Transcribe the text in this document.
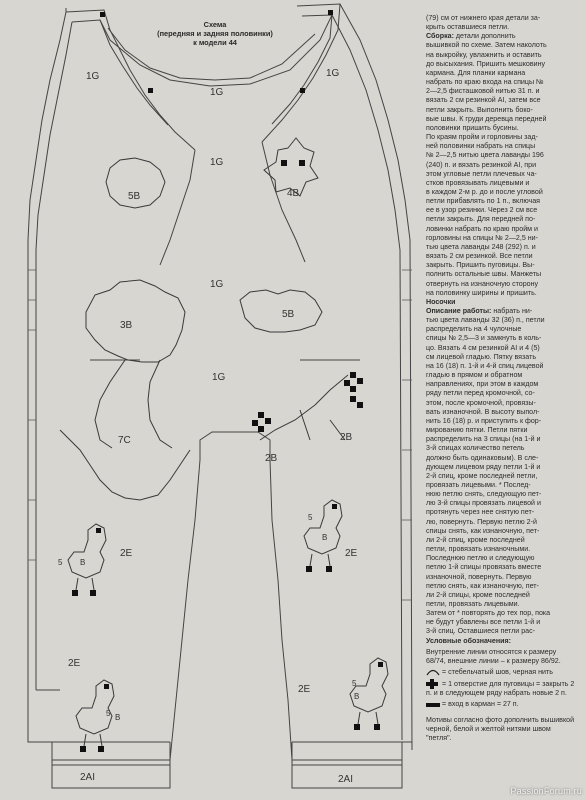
1G	1G
1G
1G
4B
5B
1G
5B
3B
1G
7C
2B
2B
2E	2E
2E
2E
5 B
5
B
5 B
5
B
2AI	2AI
Схема
(передняя и задняя половинки)
к модели 44

(79) см от нижнего края детали за-

крыть оставшиеся петли.

Сборка: детали дополнить

вышивкой по схеме. Затем наколоть

на выкройку, увлажнить и оставить

до высыхания. Пришить мешковину

кармана. Для планки кармана

набрать по краю входа на спицы №

2—2,5 фисташковой нитью 31 п. и

вязать 2 см резинкой AI, затем все

петли закрыть. Выполнить боко-

вые швы. К груди деревца передней

половинки пришить бусины.

По краям пройм и горловины зад-

ней половинки набрать на спицы

№ 2—2,5 нитью цвета лаванды 196

(240) п. и вязать резинкой AI, при

этом угловые петли плечевых ча-

стков провязывать лицевыми и

в каждом 2-м р. до и после угловой

петли прибавлять по 1 п., включая

ее в узор резинки. Через 2 см все

петли закрыть. Для передней по-

ловинки набрать по краю пройм и

горловины на спицы № 2—2,5 ни-

тью цвета лаванды 248 (292) п. и

вязать 2 см резинкой. Все петли

закрыть. Пришить пуговицы. Вы-

полнить остальные швы. Манжеты

отвернуть на изнаночную сторону

на половинку ширины и пришить.

Носочки

Описание работы: набрать ни-

тью цвета лаванды 32 (36) п., петли

распределить на 4 чулочные

спицы № 2,5—3 и замкнуть в коль-

цо. Вязать 4 см резинкой AI и 4 (5)

см лицевой гладью. Пятку вязать

на 16 (18) п. 1-й и 4-й спиц лицевой

гладью в прямом и обратном

направлениях, при этом в каждом

ряду петли перед кромочной, со-

этом, после кромочной, провязы-

вать изнаночной. В высоту выпол-

нить 16 (18) р. и приступить к фор-

мированию пятки. Петли пятки

распределить на 3 спицы (на 1-й и

3-й спицах количество петель

должно быть одинаковым). В сле-

дующем лицевом ряду петли 1-й и

2-й спиц, кроме последней петли,

провязать лицевыми. * Послед-

нюю петлю снять, следующую пет-

лю 3-й спицы провязать лицевой и

протянуть через нее снятую пет-

лю, повернуть. Первую петлю 2-й

спицы снять, как изнаночную, пет-

ли 2-й спиц, кроме последней

петли, провязать изнаночными.

Последнюю петлю и следующую

петлю 1-й спицы провязать вместе

изнаночной, повернуть. Первую

петлю снять, как изнаночную, пет-

ли 2-й спицы, кроме последней

петли, провязать лицевыми.

Затем от * повторять до тех пор, пока

не будут убавлены все петли 1-й и

3-й спиц. Оставшиеся петли рас-

Условные обозначения:

Внутренние линии относятся к размеру 68/74, внешние линии – к размеру 86/92.

= стебельчатый шов, черная нить

= 1 отверстие для пуговицы = закрыть 2 п. и в следующем ряду набрать новые 2 п.

= вход в карман = 27 п.

Мотивы согласно фото дополнить вышивкой черной, белой и желтой нитями швом "петля".

PassionForum.ru
